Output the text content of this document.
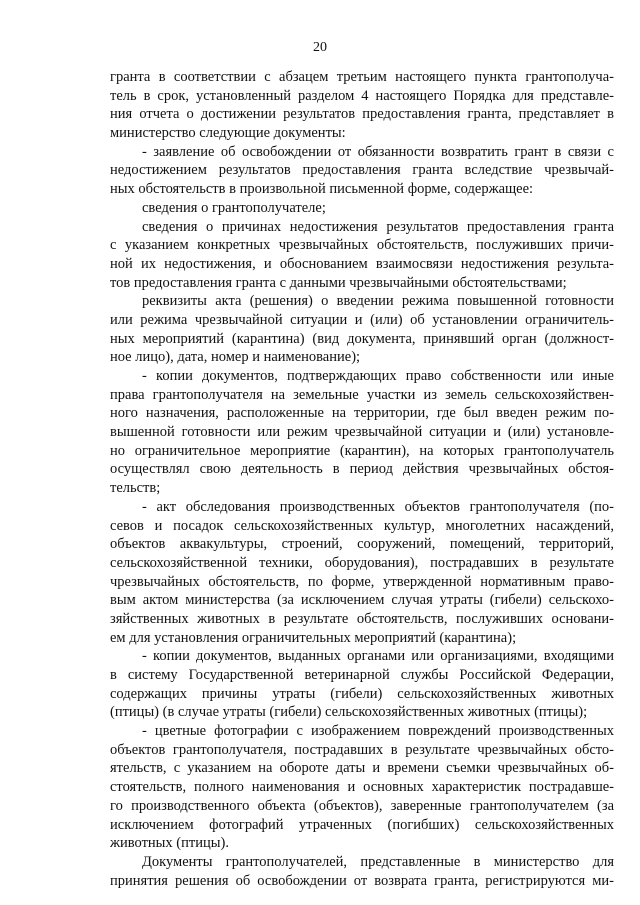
20
гранта в соответствии с абзацем третьим настоящего пункта грантополуча-
тель в срок, установленный разделом 4 настоящего Порядка для представле-
ния отчета о достижении результатов предоставления гранта, представляет в
министерство следующие документы:
- заявление об освобождении от обязанности возвратить грант в связи с
недостижением результатов предоставления гранта вследствие чрезвычай-
ных обстоятельств в произвольной письменной форме, содержащее:
сведения о грантополучателе;
сведения о причинах недостижения результатов предоставления гранта
с указанием конкретных чрезвычайных обстоятельств, послуживших причи-
ной их недостижения, и обоснованием взаимосвязи недостижения результа-
тов предоставления гранта с данными чрезвычайными обстоятельствами;
реквизиты акта (решения) о введении режима повышенной готовности
или режима чрезвычайной ситуации и (или) об установлении ограничитель-
ных мероприятий (карантина) (вид документа, принявший орган (должност-
ное лицо), дата, номер и наименование);
- копии документов, подтверждающих право собственности или иные
права грантополучателя на земельные участки из земель сельскохозяйствен-
ного назначения, расположенные на территории, где был введен режим по-
вышенной готовности или режим чрезвычайной ситуации и (или) установле-
но ограничительное мероприятие (карантин), на которых грантополучатель
осуществлял свою деятельность в период действия чрезвычайных обстоя-
тельств;
- акт обследования производственных объектов грантополучателя (по-
севов и посадок сельскохозяйственных культур, многолетних насаждений,
объектов аквакультуры, строений, сооружений, помещений, территорий,
сельскохозяйственной техники, оборудования), пострадавших в результате
чрезвычайных обстоятельств, по форме, утвержденной нормативным право-
вым актом министерства (за исключением случая утраты (гибели) сельскохо-
зяйственных животных в результате обстоятельств, послуживших основани-
ем для установления ограничительных мероприятий (карантина);
- копии документов, выданных органами или организациями, входящими
в систему Государственной ветеринарной службы Российской Федерации,
содержащих причины утраты (гибели) сельскохозяйственных животных
(птицы) (в случае утраты (гибели) сельскохозяйственных животных (птицы);
- цветные фотографии с изображением повреждений производственных
объектов грантополучателя, пострадавших в результате чрезвычайных обсто-
ятельств, с указанием на обороте даты и времени съемки чрезвычайных об-
стоятельств, полного наименования и основных характеристик пострадавше-
го производственного объекта (объектов), заверенные грантополучателем (за
исключением фотографий утраченных (погибших) сельскохозяйственных
животных (птицы).
Документы грантополучателей, представленные в министерство для
принятия решения об освобождении от возврата гранта, регистрируются ми-
